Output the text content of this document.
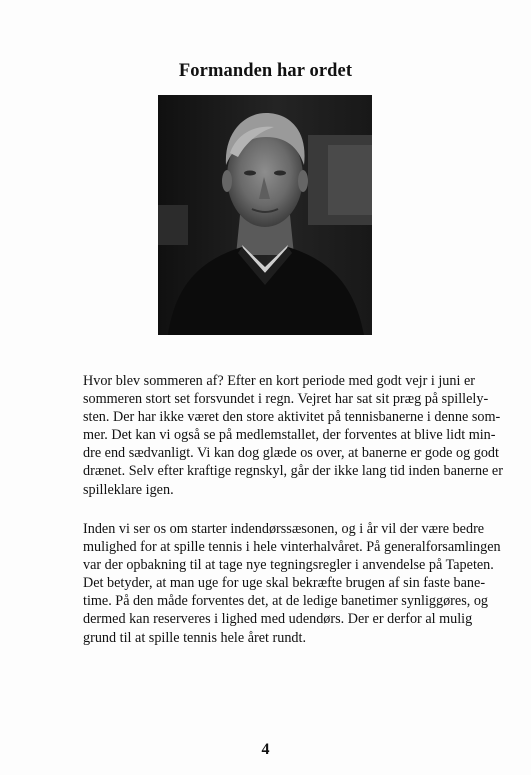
Formanden har ordet
Hvor blev sommeren af? Efter en kort periode med godt vejr i juni er
sommeren stort set forsvundet i regn. Vejret har sat sit præg på spillely-
sten. Der har ikke været den store aktivitet på tennisbanerne i denne som-
mer. Det kan vi også se på medlemstallet, der forventes at blive lidt min-
dre end sædvanligt. Vi kan dog glæde os over, at banerne er gode og godt
drænet. Selv efter kraftige regnskyl, går der ikke lang tid inden banerne er
spilleklare igen.
Inden vi ser os om starter indendørssæsonen, og i år vil der være bedre
mulighed for at spille tennis i hele vinterhalvåret. På generalforsamlingen
var der opbakning til at tage nye tegningsregler i anvendelse på Tapeten.
Det betyder, at man uge for uge skal bekræfte brugen af sin faste bane-
time. På den måde forventes det, at de ledige banetimer synliggøres, og
dermed kan reserveres i lighed med udendørs. Der er derfor al mulig
grund til at spille tennis hele året rundt.
4
